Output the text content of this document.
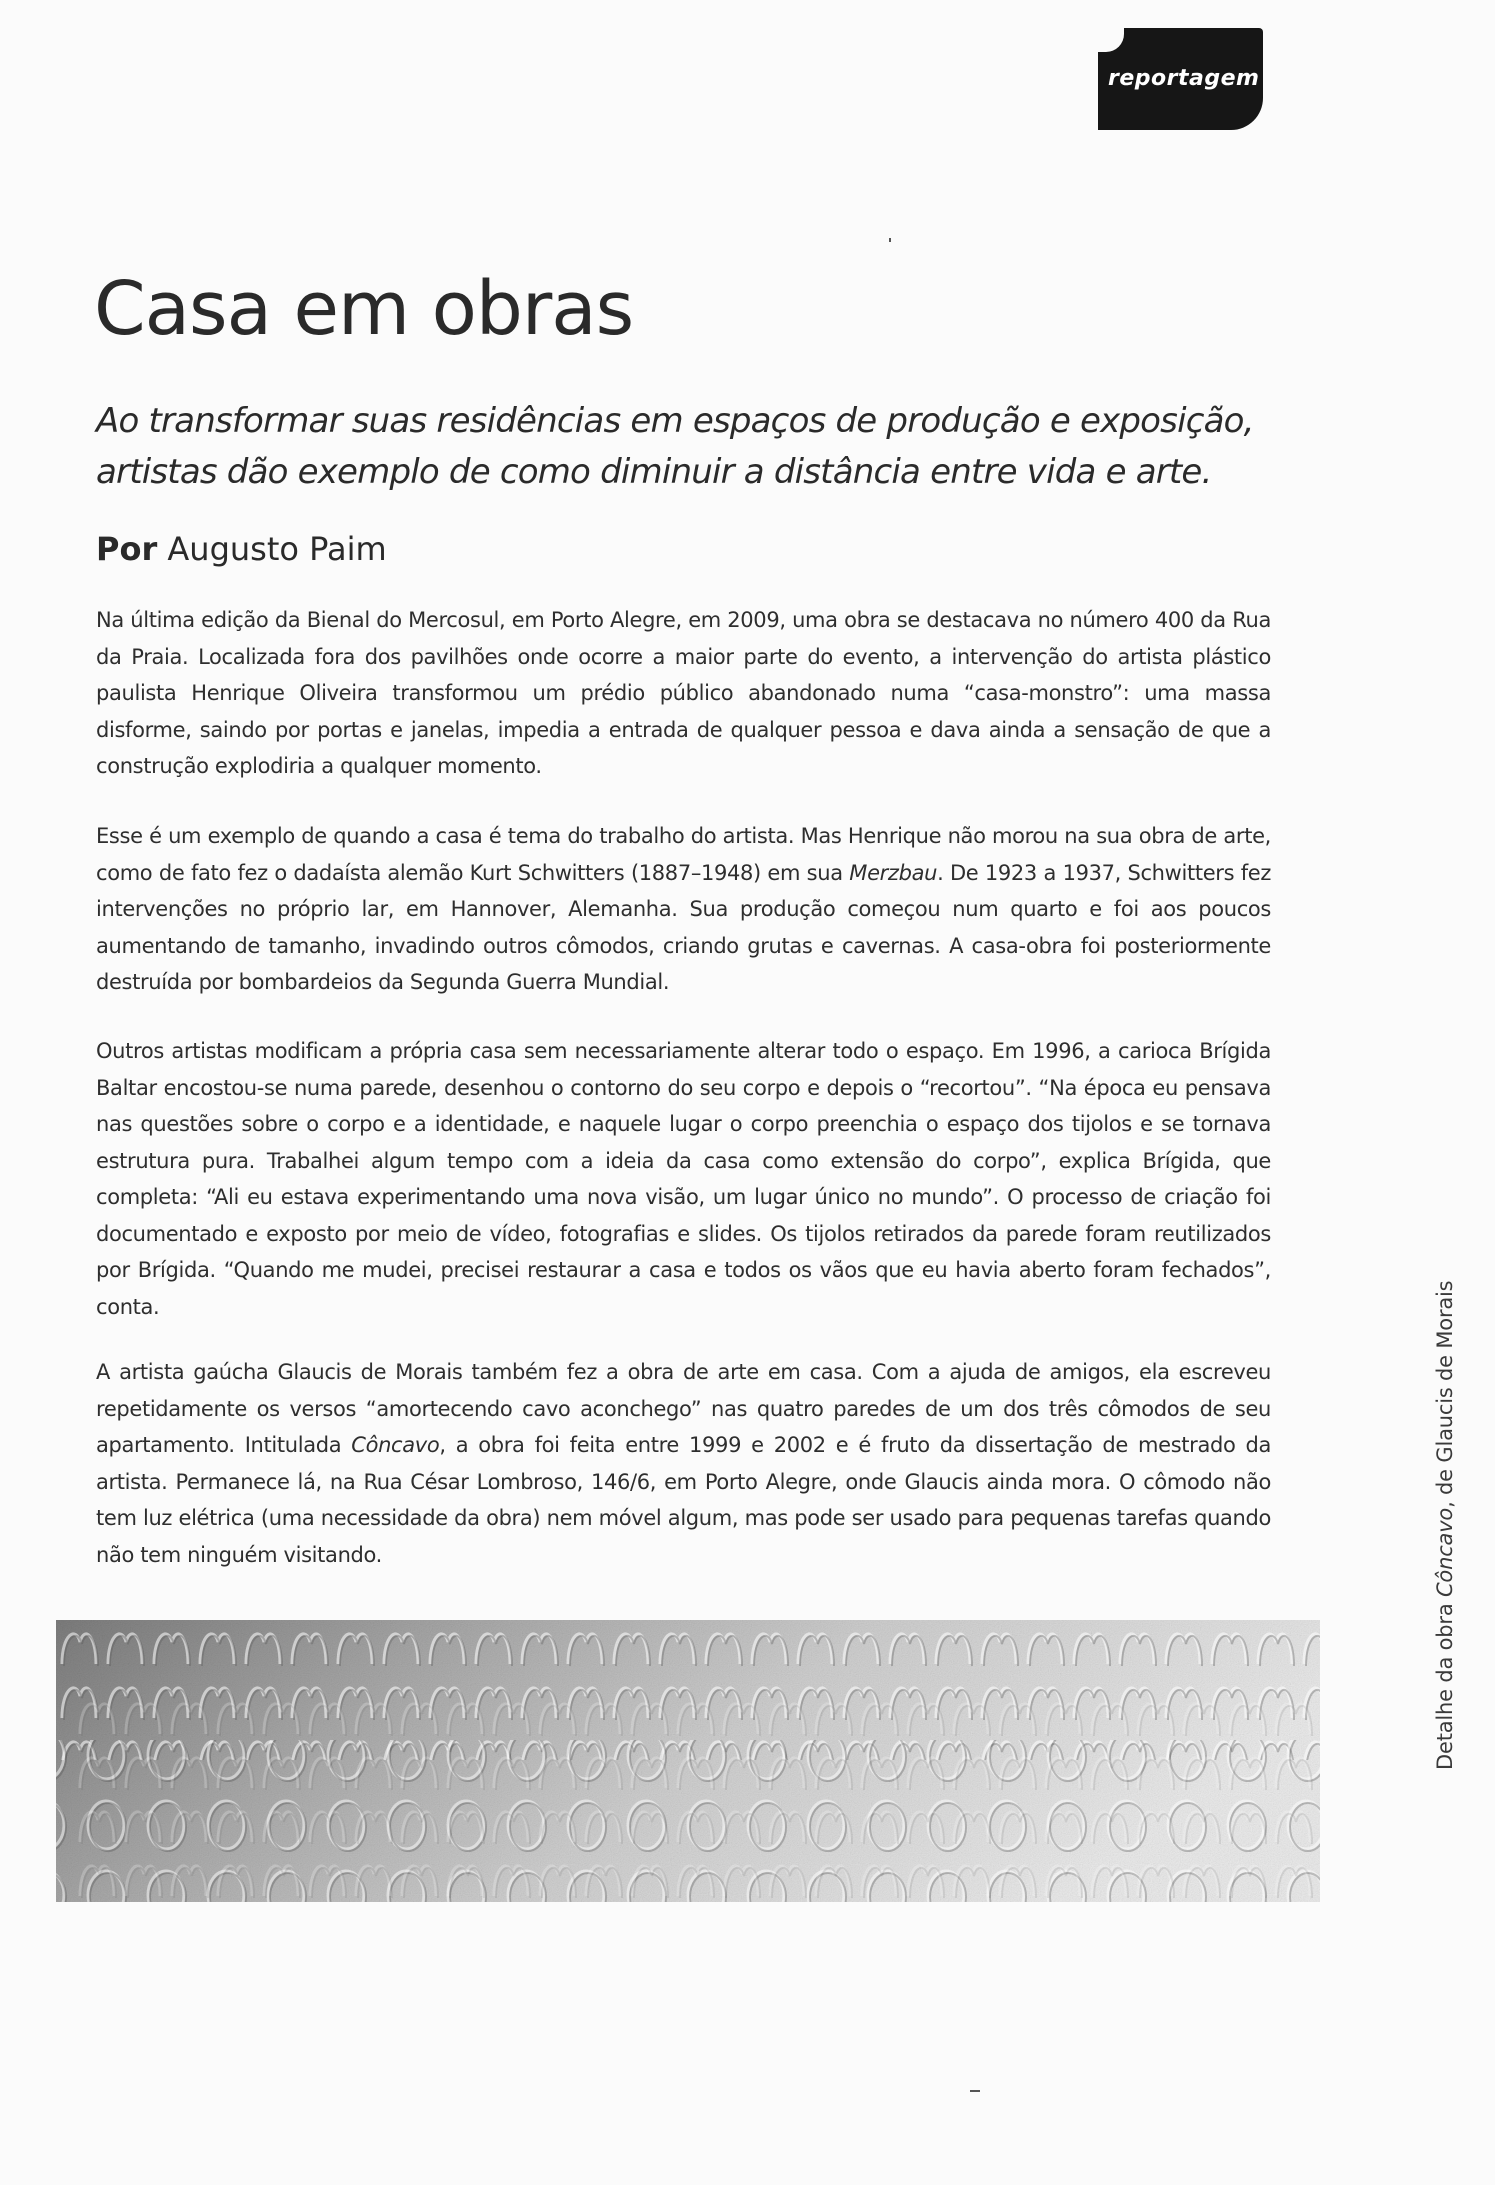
reportagem
Casa em obras

Ao transformar suas residências em espaços de produção e exposição, artistas dão exemplo de como diminuir a distância entre vida e arte.

Por Augusto Paim

Na última edição da Bienal do Mercosul, em Porto Alegre, em 2009, uma obra se destacava no número 400 da Rua da Praia. Localizada fora dos pavilhões onde ocorre a maior parte do evento, a intervenção do artista plástico paulista Henrique Oliveira transformou um prédio público abandonado numa “casa-monstro”: uma massa disforme, saindo por portas e janelas, impedia a entrada de qualquer pessoa e dava ainda a sensação de que a construção explodiria a qualquer momento.

Esse é um exemplo de quando a casa é tema do trabalho do artista. Mas Henrique não morou na sua obra de arte, como de fato fez o dadaísta alemão Kurt Schwitters (1887–1948) em sua Merzbau. De 1923 a 1937, Schwitters fez intervenções no próprio lar, em Hannover, Alemanha. Sua produção começou num quarto e foi aos poucos aumentando de tamanho, invadindo outros cômodos, criando grutas e cavernas. A casa-obra foi posteriormente destruída por bombardeios da Segunda Guerra Mundial.

Outros artistas modificam a própria casa sem necessariamente alterar todo o espaço. Em 1996, a carioca Brígida Baltar encostou-se numa parede, desenhou o contorno do seu corpo e depois o “recortou”. “Na época eu pensava nas questões sobre o corpo e a identidade, e naquele lugar o corpo preenchia o espaço dos tijolos e se tornava estrutura pura. Trabalhei algum tempo com a ideia da casa como extensão do corpo”, explica Brígida, que completa: “Ali eu estava experimentando uma nova visão, um lugar único no mundo”. O processo de criação foi documentado e exposto por meio de vídeo, fotografias e slides. Os tijolos retirados da parede foram reutilizados por Brígida. “Quando me mudei, precisei restaurar a casa e todos os vãos que eu havia aberto foram fechados”, conta.

A artista gaúcha Glaucis de Morais também fez a obra de arte em casa. Com a ajuda de amigos, ela escreveu repetidamente os versos “amortecendo cavo aconchego” nas quatro paredes de um dos três cômodos de seu apartamento. Intitulada Côncavo, a obra foi feita entre 1999 e 2002 e é fruto da dissertação de mestrado da artista. Permanece lá, na Rua César Lombroso, 146/6, em Porto Alegre, onde Glaucis ainda mora. O cômodo não tem luz elétrica (uma necessidade da obra) nem móvel algum, mas pode ser usado para pequenas tarefas quando não tem ninguém visitando.

Detalhe da obra Côncavo, de Glaucis de Morais
